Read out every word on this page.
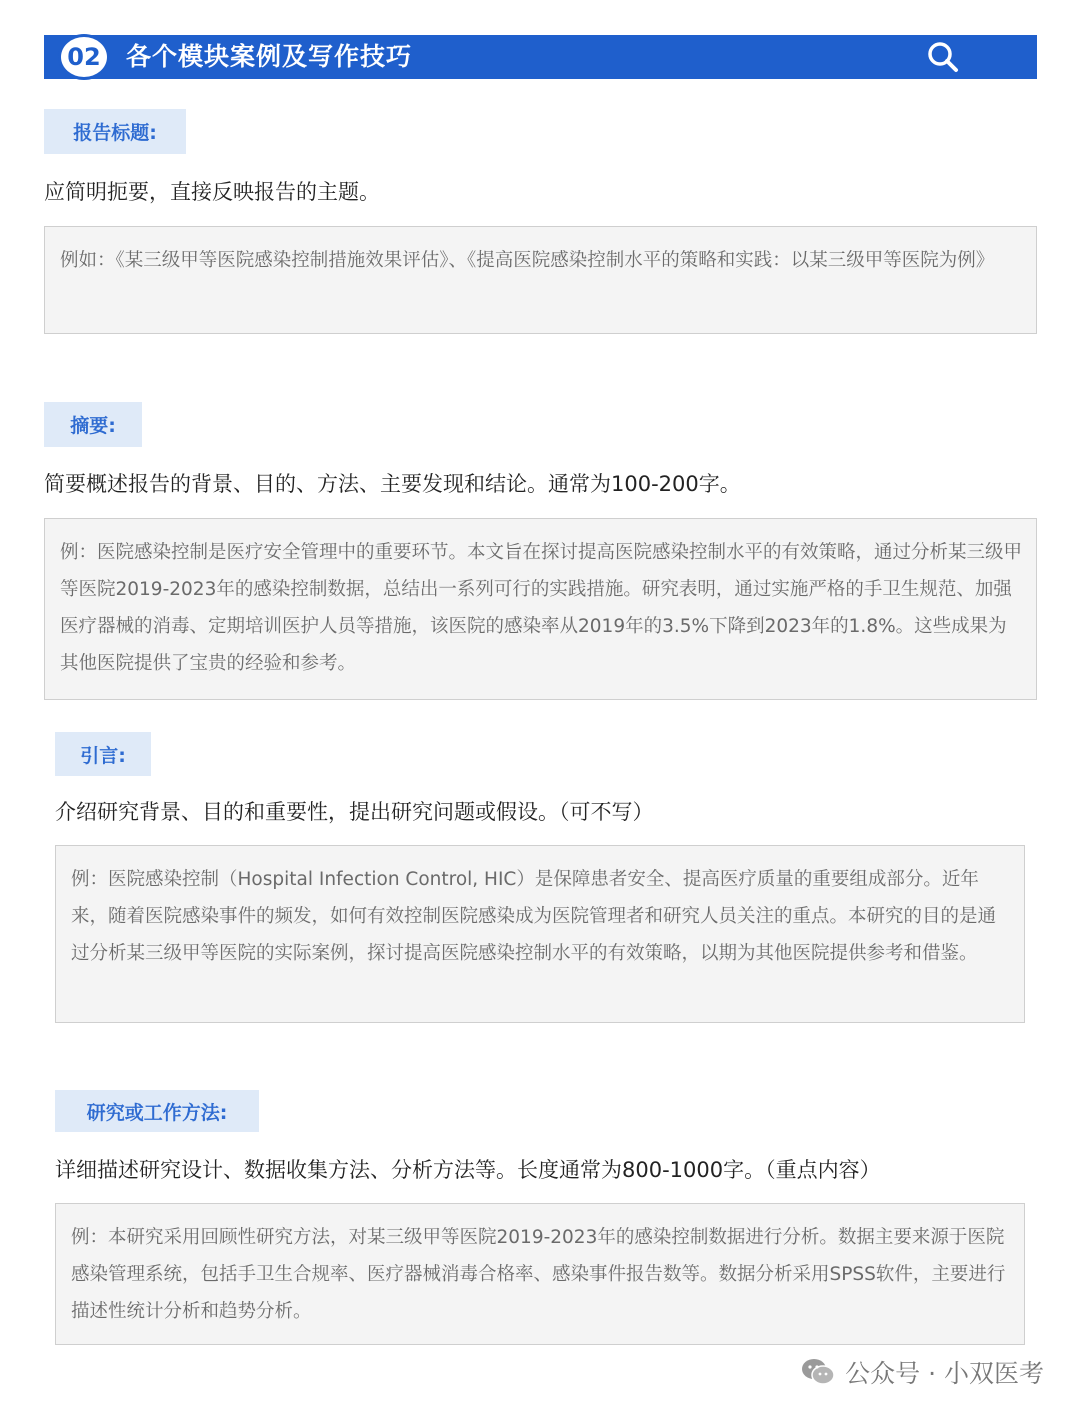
02	各个模块案例及写作技巧
报告标题:
应简明扼要，直接反映报告的主题。
例如：《某三级甲等医院感染控制措施效果评估》、《提高医院感染控制水平的策略和实践：以某三级甲等医院为例》
摘要:
简要概述报告的背景、目的、方法、主要发现和结论。通常为100-200字。
例：医院感染控制是医疗安全管理中的重要环节。本文旨在探讨提高医院感染控制水平的有效策略，通过分析某三级甲等医院2019-2023年的感染控制数据，总结出一系列可行的实践措施。研究表明，通过实施严格的手卫生规范、加强医疗器械的消毒、定期培训医护人员等措施，该医院的感染率从2019年的3.5%下降到2023年的1.8%。这些成果为其他医院提供了宝贵的经验和参考。
引言:
介绍研究背景、目的和重要性，提出研究问题或假设。（可不写）
例：医院感染控制（Hospital Infection Control, HIC）是保障患者安全、提高医疗质量的重要组成部分。近年来，随着医院感染事件的频发，如何有效控制医院感染成为医院管理者和研究人员关注的重点。本研究的目的是通过分析某三级甲等医院的实际案例，探讨提高医院感染控制水平的有效策略，以期为其他医院提供参考和借鉴。
研究或工作方法:
详细描述研究设计、数据收集方法、分析方法等。长度通常为800-1000字。（重点内容）
例：本研究采用回顾性研究方法，对某三级甲等医院2019-2023年的感染控制数据进行分析。数据主要来源于医院感染管理系统，包括手卫生合规率、医疗器械消毒合格率、感染事件报告数等。数据分析采用SPSS软件，主要进行描述性统计分析和趋势分析。
公众号 · 小双医考
